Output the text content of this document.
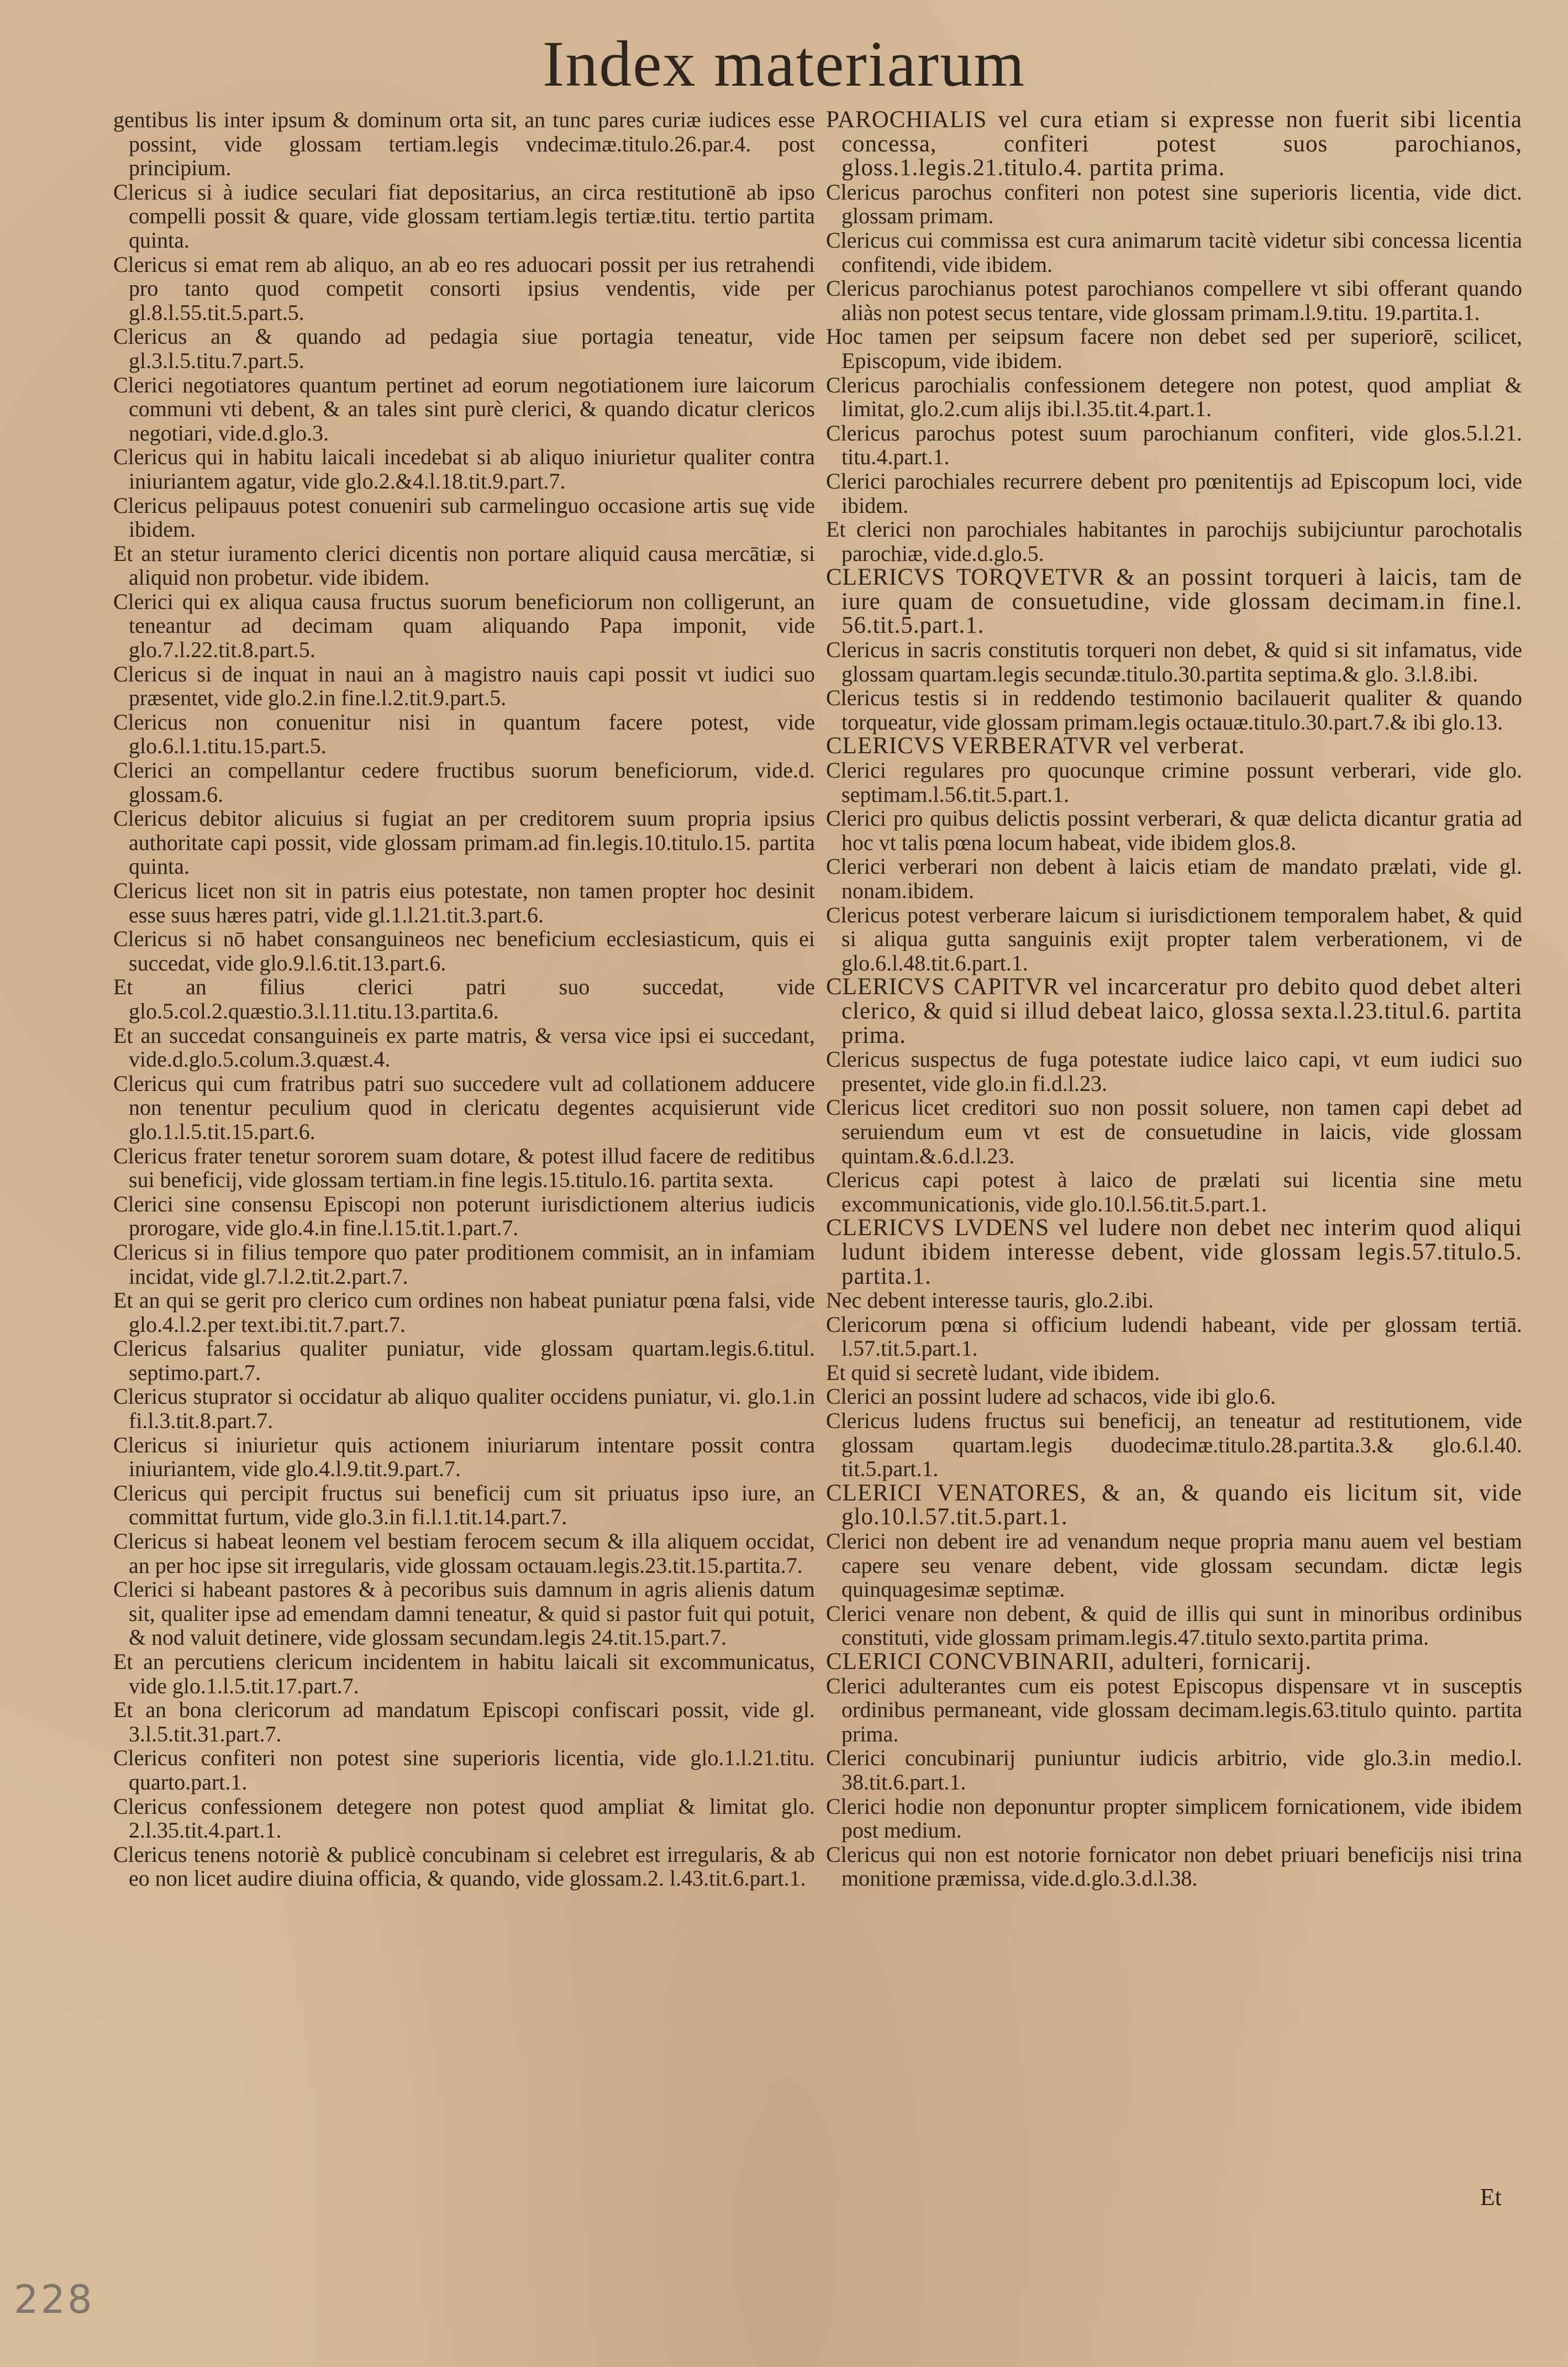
Index materiarum

gentibus lis inter ipsum & dominum orta sit, an tunc pares curiæ iudices esse possint, vide glossam tertiam.legis vndecimæ.titulo.26.par.4. post principium.

Clericus si à iudice seculari fiat depositarius, an circa restitutionē ab ipso compelli possit & quare, vide glossam tertiam.legis tertiæ.titu. tertio partita quinta.

Clericus si emat rem ab aliquo, an ab eo res aduocari possit per ius retrahendi pro tanto quod competit consorti ipsius vendentis, vide per gl.8.l.55.tit.5.part.5.

Clericus an & quando ad pedagia siue portagia teneatur, vide gl.3.l.5.titu.7.part.5.

Clerici negotiatores quantum pertinet ad eorum negotiationem iure laicorum communi vti debent, & an tales sint purè clerici, & quando dicatur clericos negotiari, vide.d.glo.3.

Clericus qui in habitu laicali incedebat si ab aliquo iniurietur qualiter contra iniuriantem agatur, vide glo.2.&4.l.18.tit.9.part.7.

Clericus pelipauus potest conueniri sub carmelinguo occasione artis suę vide ibidem.

Et an stetur iuramento clerici dicentis non portare aliquid causa mercātiæ, si aliquid non probetur. vide ibidem.

Clerici qui ex aliqua causa fructus suorum beneficiorum non colligerunt, an teneantur ad decimam quam aliquando Papa imponit, vide glo.7.l.22.tit.8.part.5.

Clericus si de inquat in naui an à magistro nauis capi possit vt iudici suo præsentet, vide glo.2.in fine.l.2.tit.9.part.5.

Clericus non conuenitur nisi in quantum facere potest, vide glo.6.l.1.titu.15.part.5.

Clerici an compellantur cedere fructibus suorum beneficiorum, vide.d. glossam.6.

Clericus debitor alicuius si fugiat an per creditorem suum propria ipsius authoritate capi possit, vide glossam primam.ad fin.legis.10.titulo.15. partita quinta.

Clericus licet non sit in patris eius potestate, non tamen propter hoc desinit esse suus hæres patri, vide gl.1.l.21.tit.3.part.6.

Clericus si nō habet consanguineos nec beneficium ecclesiasticum, quis ei succedat, vide glo.9.l.6.tit.13.part.6.

Et an filius clerici patri suo succedat, vide glo.5.col.2.quæstio.3.l.11.titu.13.partita.6.

Et an succedat consanguineis ex parte matris, & versa vice ipsi ei succedant, vide.d.glo.5.colum.3.quæst.4.

Clericus qui cum fratribus patri suo succedere vult ad collationem adducere non tenentur peculium quod in clericatu degentes acquisierunt vide glo.1.l.5.tit.15.part.6.

Clericus frater tenetur sororem suam dotare, & potest illud facere de reditibus sui beneficij, vide glossam tertiam.in fine legis.15.titulo.16. partita sexta.

Clerici sine consensu Episcopi non poterunt iurisdictionem alterius iudicis prorogare, vide glo.4.in fine.l.15.tit.1.part.7.

Clericus si in filius tempore quo pater proditionem commisit, an in infamiam incidat, vide gl.7.l.2.tit.2.part.7.

Et an qui se gerit pro clerico cum ordines non habeat puniatur pœna falsi, vide glo.4.l.2.per text.ibi.tit.7.part.7.

Clericus falsarius qualiter puniatur, vide glossam quartam.legis.6.titul. septimo.part.7.

Clericus stuprator si occidatur ab aliquo qualiter occidens puniatur, vi. glo.1.in fi.l.3.tit.8.part.7.

Clericus si iniurietur quis actionem iniuriarum intentare possit contra iniuriantem, vide glo.4.l.9.tit.9.part.7.

Clericus qui percipit fructus sui beneficij cum sit priuatus ipso iure, an committat furtum, vide glo.3.in fi.l.1.tit.14.part.7.

Clericus si habeat leonem vel bestiam ferocem secum & illa aliquem occidat, an per hoc ipse sit irregularis, vide glossam octauam.legis.23.tit.15.partita.7.

Clerici si habeant pastores & à pecoribus suis damnum in agris alienis datum sit, qualiter ipse ad emendam damni teneatur, & quid si pastor fuit qui potuit, & nod valuit detinere, vide glossam secundam.legis 24.tit.15.part.7.

Et an percutiens clericum incidentem in habitu laicali sit excommunicatus, vide glo.1.l.5.tit.17.part.7.

Et an bona clericorum ad mandatum Episcopi confiscari possit, vide gl. 3.l.5.tit.31.part.7.

Clericus confiteri non potest sine superioris licentia, vide glo.1.l.21.titu. quarto.part.1.

Clericus confessionem detegere non potest quod ampliat & limitat glo. 2.l.35.tit.4.part.1.

Clericus tenens notoriè & publicè concubinam si celebret est irregularis, & ab eo non licet audire diuina officia, & quando, vide glossam.2. l.43.tit.6.part.1.

PAROCHIALIS vel cura etiam si expresse non fuerit sibi licentia concessa, confiteri potest suos parochianos, gloss.1.legis.21.titulo.4. partita prima.

Clericus parochus confiteri non potest sine superioris licentia, vide dict. glossam primam.

Clericus cui commissa est cura animarum tacitè videtur sibi concessa licentia confitendi, vide ibidem.

Clericus parochianus potest parochianos compellere vt sibi offerant quando aliàs non potest secus tentare, vide glossam primam.l.9.titu. 19.partita.1.

Hoc tamen per seipsum facere non debet sed per superiorē, scilicet, Episcopum, vide ibidem.

Clericus parochialis confessionem detegere non potest, quod ampliat & limitat, glo.2.cum alijs ibi.l.35.tit.4.part.1.

Clericus parochus potest suum parochianum confiteri, vide glos.5.l.21. titu.4.part.1.

Clerici parochiales recurrere debent pro pœnitentijs ad Episcopum loci, vide ibidem.

Et clerici non parochiales habitantes in parochijs subijciuntur parochotalis parochiæ, vide.d.glo.5.

CLERICVS TORQVETVR & an possint torqueri à laicis, tam de iure quam de consuetudine, vide glossam decimam.in fine.l. 56.tit.5.part.1.

Clericus in sacris constitutis torqueri non debet, & quid si sit infamatus, vide glossam quartam.legis secundæ.titulo.30.partita septima.& glo. 3.l.8.ibi.

Clericus testis si in reddendo testimonio bacilauerit qualiter & quando torqueatur, vide glossam primam.legis octauæ.titulo.30.part.7.& ibi glo.13.

CLERICVS VERBERATVR vel verberat.

Clerici regulares pro quocunque crimine possunt verberari, vide glo. septimam.l.56.tit.5.part.1.

Clerici pro quibus delictis possint verberari, & quæ delicta dicantur gratia ad hoc vt talis pœna locum habeat, vide ibidem glos.8.

Clerici verberari non debent à laicis etiam de mandato prælati, vide gl. nonam.ibidem.

Clericus potest verberare laicum si iurisdictionem temporalem habet, & quid si aliqua gutta sanguinis exijt propter talem verberationem, vi de glo.6.l.48.tit.6.part.1.

CLERICVS CAPITVR vel incarceratur pro debito quod debet alteri clerico, & quid si illud debeat laico, glossa sexta.l.23.titul.6. partita prima.

Clericus suspectus de fuga potestate iudice laico capi, vt eum iudici suo presentet, vide glo.in fi.d.l.23.

Clericus licet creditori suo non possit soluere, non tamen capi debet ad seruiendum eum vt est de consuetudine in laicis, vide glossam quintam.&.6.d.l.23.

Clericus capi potest à laico de prælati sui licentia sine metu excommunicationis, vide glo.10.l.56.tit.5.part.1.

CLERICVS LVDENS vel ludere non debet nec interim quod aliqui ludunt ibidem interesse debent, vide glossam legis.57.titulo.5. partita.1.

Nec debent interesse tauris, glo.2.ibi.

Clericorum pœna si officium ludendi habeant, vide per glossam tertiā. l.57.tit.5.part.1.

Et quid si secretè ludant, vide ibidem.

Clerici an possint ludere ad schacos, vide ibi glo.6.

Clericus ludens fructus sui beneficij, an teneatur ad restitutionem, vide glossam quartam.legis duodecimæ.titulo.28.partita.3.& glo.6.l.40. tit.5.part.1.

CLERICI VENATORES, & an, & quando eis licitum sit, vide glo.10.l.57.tit.5.part.1.

Clerici non debent ire ad venandum neque propria manu auem vel bestiam capere seu venare debent, vide glossam secundam. dictæ legis quinquagesimæ septimæ.

Clerici venare non debent, & quid de illis qui sunt in minoribus ordinibus constituti, vide glossam primam.legis.47.titulo sexto.partita prima.

CLERICI CONCVBINARII, adulteri, fornicarij.

Clerici adulterantes cum eis potest Episcopus dispensare vt in susceptis ordinibus permaneant, vide glossam decimam.legis.63.titulo quinto. partita prima.

Clerici concubinarij puniuntur iudicis arbitrio, vide glo.3.in medio.l. 38.tit.6.part.1.

Clerici hodie non deponuntur propter simplicem fornicationem, vide ibidem post medium.

Clericus qui non est notorie fornicator non debet priuari beneficijs nisi trina monitione præmissa, vide.d.glo.3.d.l.38.

Et
228
